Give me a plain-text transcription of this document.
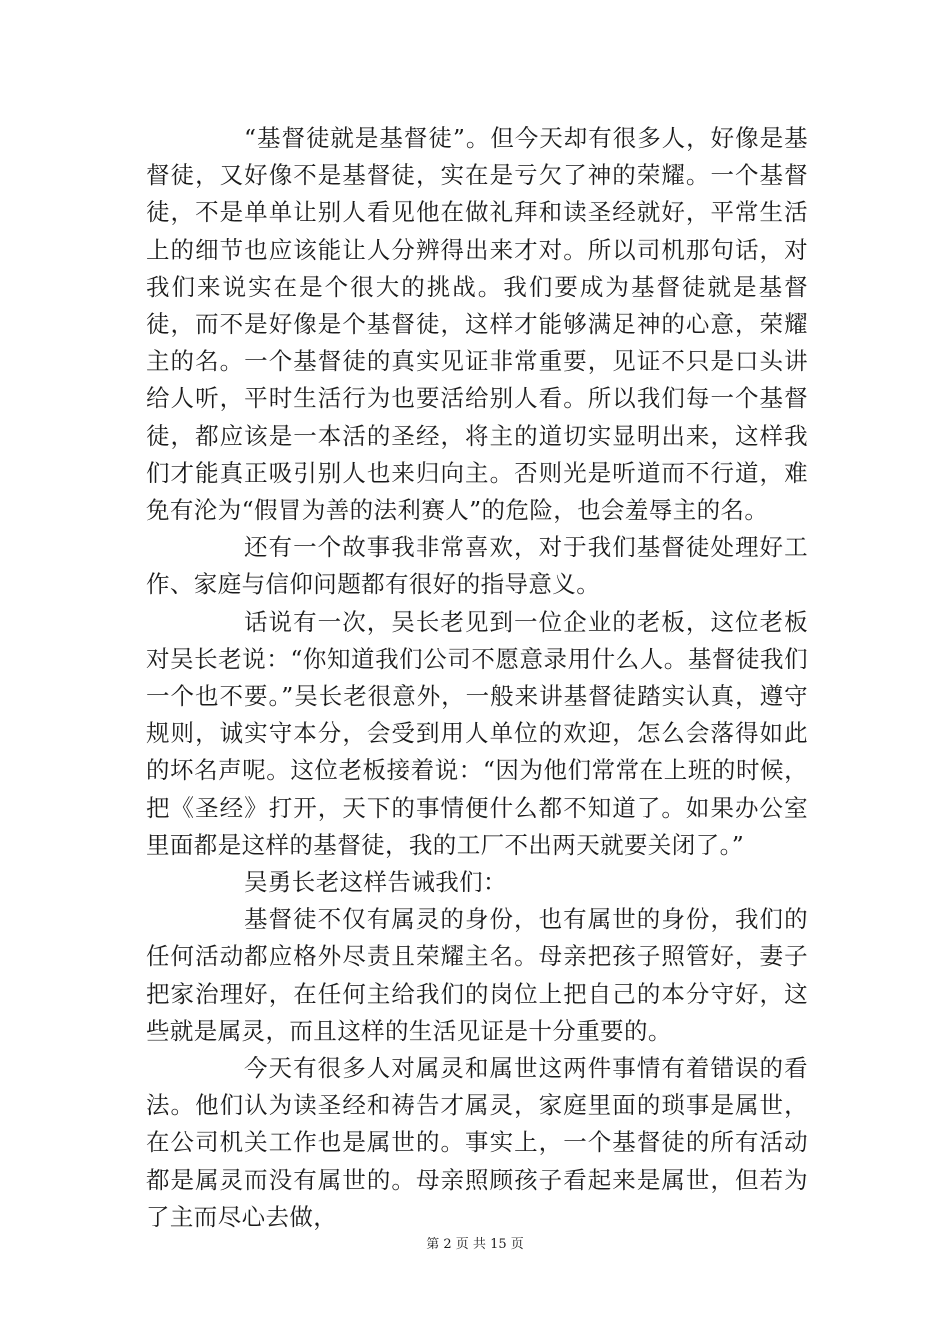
“基督徒就是基督徒”。但今天却有很多人，好像是基督徒，又好像不是基督徒，实在是亏欠了神的荣耀。一个基督徒，不是单单让别人看见他在做礼拜和读圣经就好，平常生活上的细节也应该能让人分辨得出来才对。所以司机那句话，对我们来说实在是个很大的挑战。我们要成为基督徒就是基督徒，而不是好像是个基督徒，这样才能够满足神的心意，荣耀主的名。一个基督徒的真实见证非常重要，见证不只是口头讲给人听，平时生活行为也要活给别人看。所以我们每一个基督徒，都应该是一本活的圣经，将主的道切实显明出来，这样我们才能真正吸引别人也来归向主。否则光是听道而不行道，难免有沦为“假冒为善的法利赛人”的危险，也会羞辱主的名。

还有一个故事我非常喜欢，对于我们基督徒处理好工作、家庭与信仰问题都有很好的指导意义。

话说有一次，吴长老见到一位企业的老板，这位老板对吴长老说：“你知道我们公司不愿意录用什么人。基督徒我们一个也不要。”吴长老很意外，一般来讲基督徒踏实认真，遵守规则，诚实守本分，会受到用人单位的欢迎，怎么会落得如此的坏名声呢。这位老板接着说：“因为他们常常在上班的时候，把《圣经》打开，天下的事情便什么都不知道了。如果办公室里面都是这样的基督徒，我的工厂不出两天就要关闭了。”

吴勇长老这样告诫我们：

基督徒不仅有属灵的身份，也有属世的身份，我们的任何活动都应格外尽责且荣耀主名。母亲把孩子照管好，妻子把家治理好，在任何主给我们的岗位上把自己的本分守好，这些就是属灵，而且这样的生活见证是十分重要的。

今天有很多人对属灵和属世这两件事情有着错误的看法。他们认为读圣经和祷告才属灵，家庭里面的琐事是属世，在公司机关工作也是属世的。事实上，一个基督徒的所有活动都是属灵而没有属世的。母亲照顾孩子看起来是属世，但若为了主而尽心去做，

第 2 页 共 15 页
